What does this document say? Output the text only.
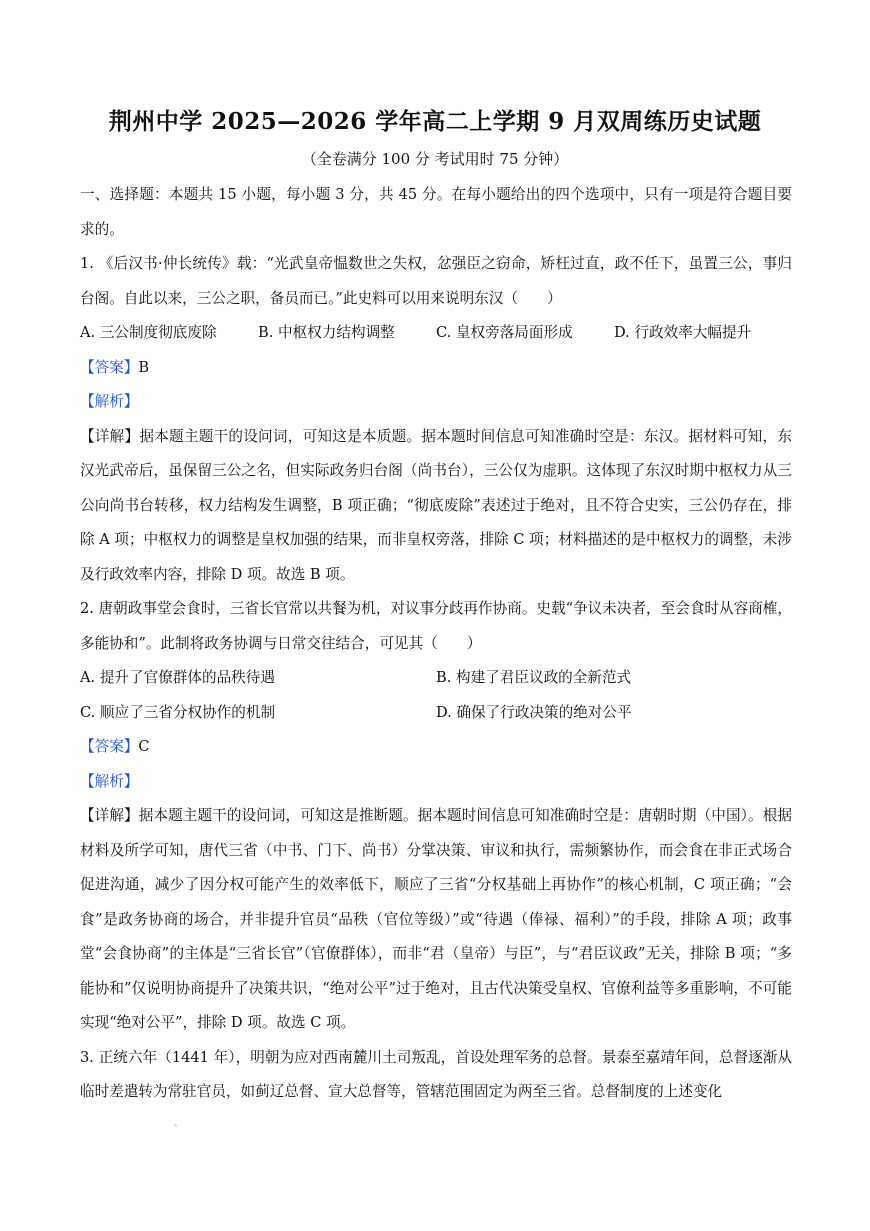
荆州中学 2025—2026 学年高二上学期 9 月双周练历史试题
（全卷满分 100 分 考试用时 75 分钟）

一、选择题：本题共 15 小题，每小题 3 分，共 45 分。在每小题给出的四个选项中，只有一项是符合题目要求的。

1. 《后汉书·仲长统传》载：“光武皇帝愠数世之失权，忿强臣之窃命，矫枉过直，政不任下，虽置三公，事归台阁。自此以来，三公之职，备员而已。”此史料可以用来说明东汉（　　）

A. 三公制度彻底废除	B. 中枢权力结构调整	C. 皇权旁落局面形成	D. 行政效率大幅提升

【答案】B

【解析】

【详解】据本题主题干的设问词，可知这是本质题。据本题时间信息可知准确时空是：东汉。据材料可知，东汉光武帝后，虽保留三公之名，但实际政务归台阁（尚书台），三公仅为虚职。这体现了东汉时期中枢权力从三公向尚书台转移，权力结构发生调整，B 项正确；“彻底废除”表述过于绝对，且不符合史实，三公仍存在，排除 A 项；中枢权力的调整是皇权加强的结果，而非皇权旁落，排除 C 项；材料描述的是中枢权力的调整，未涉及行政效率内容，排除 D 项。故选 B 项。

2. 唐朝政事堂会食时，三省长官常以共餐为机，对议事分歧再作协商。史载“争议未决者，至会食时从容商榷，多能协和”。此制将政务协调与日常交往结合，可见其（　　）

A. 提升了官僚群体的品秩待遇	B. 构建了君臣议政的全新范式
C. 顺应了三省分权协作的机制	D. 确保了行政决策的绝对公平

【答案】C

【解析】

【详解】据本题主题干的设问词，可知这是推断题。据本题时间信息可知准确时空是：唐朝时期（中国）。根据材料及所学可知，唐代三省（中书、门下、尚书）分掌决策、审议和执行，需频繁协作，而会食在非正式场合促进沟通，减少了因分权可能产生的效率低下，顺应了三省“分权基础上再协作”的核心机制，C 项正确；“会食”是政务协商的场合，并非提升官员“品秩（官位等级）”或“待遇（俸禄、福利）”的手段，排除 A 项；政事堂“会食协商”的主体是“三省长官”（官僚群体），而非“君（皇帝）与臣”，与“君臣议政”无关，排除 B 项；“多能协和”仅说明协商提升了决策共识，“绝对公平”过于绝对，且古代决策受皇权、官僚利益等多重影响，不可能实现“绝对公平”，排除 D 项。故选 C 项。

3. 正统六年（1441 年），明朝为应对西南麓川土司叛乱，首设处理军务的总督。景泰至嘉靖年间，总督逐渐从临时差遣转为常驻官员，如蓟辽总督、宣大总督等，管辖范围固定为两至三省。总督制度的上述变化
